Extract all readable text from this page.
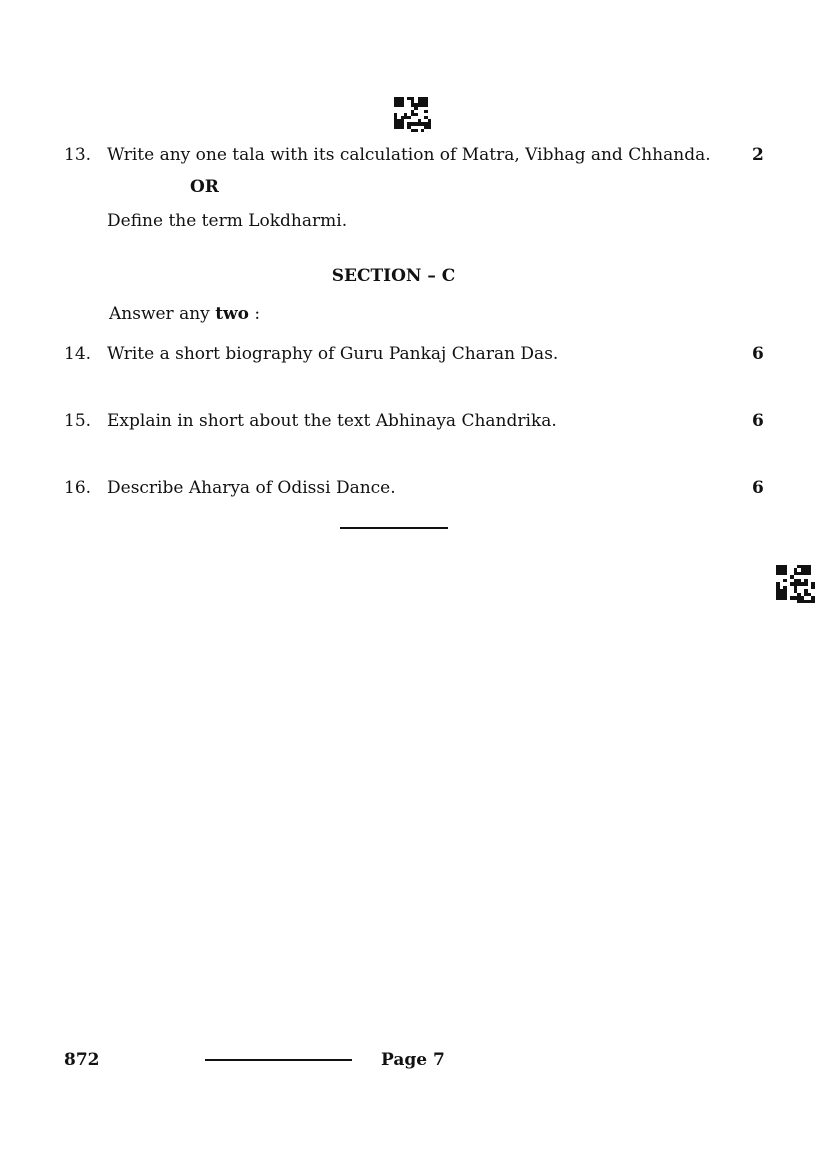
13. Write any one tala with its calculation of Matra, Vibhag and Chhanda. 2
OR
Define the term Lokdharmi.
SECTION – C
Answer any two :
14. Write a short biography of Guru Pankaj Charan Das.	6
15. Explain in short about the text Abhinaya Chandrika.	6
16. Describe Aharya of Odissi Dance.	6
872	Page 7
